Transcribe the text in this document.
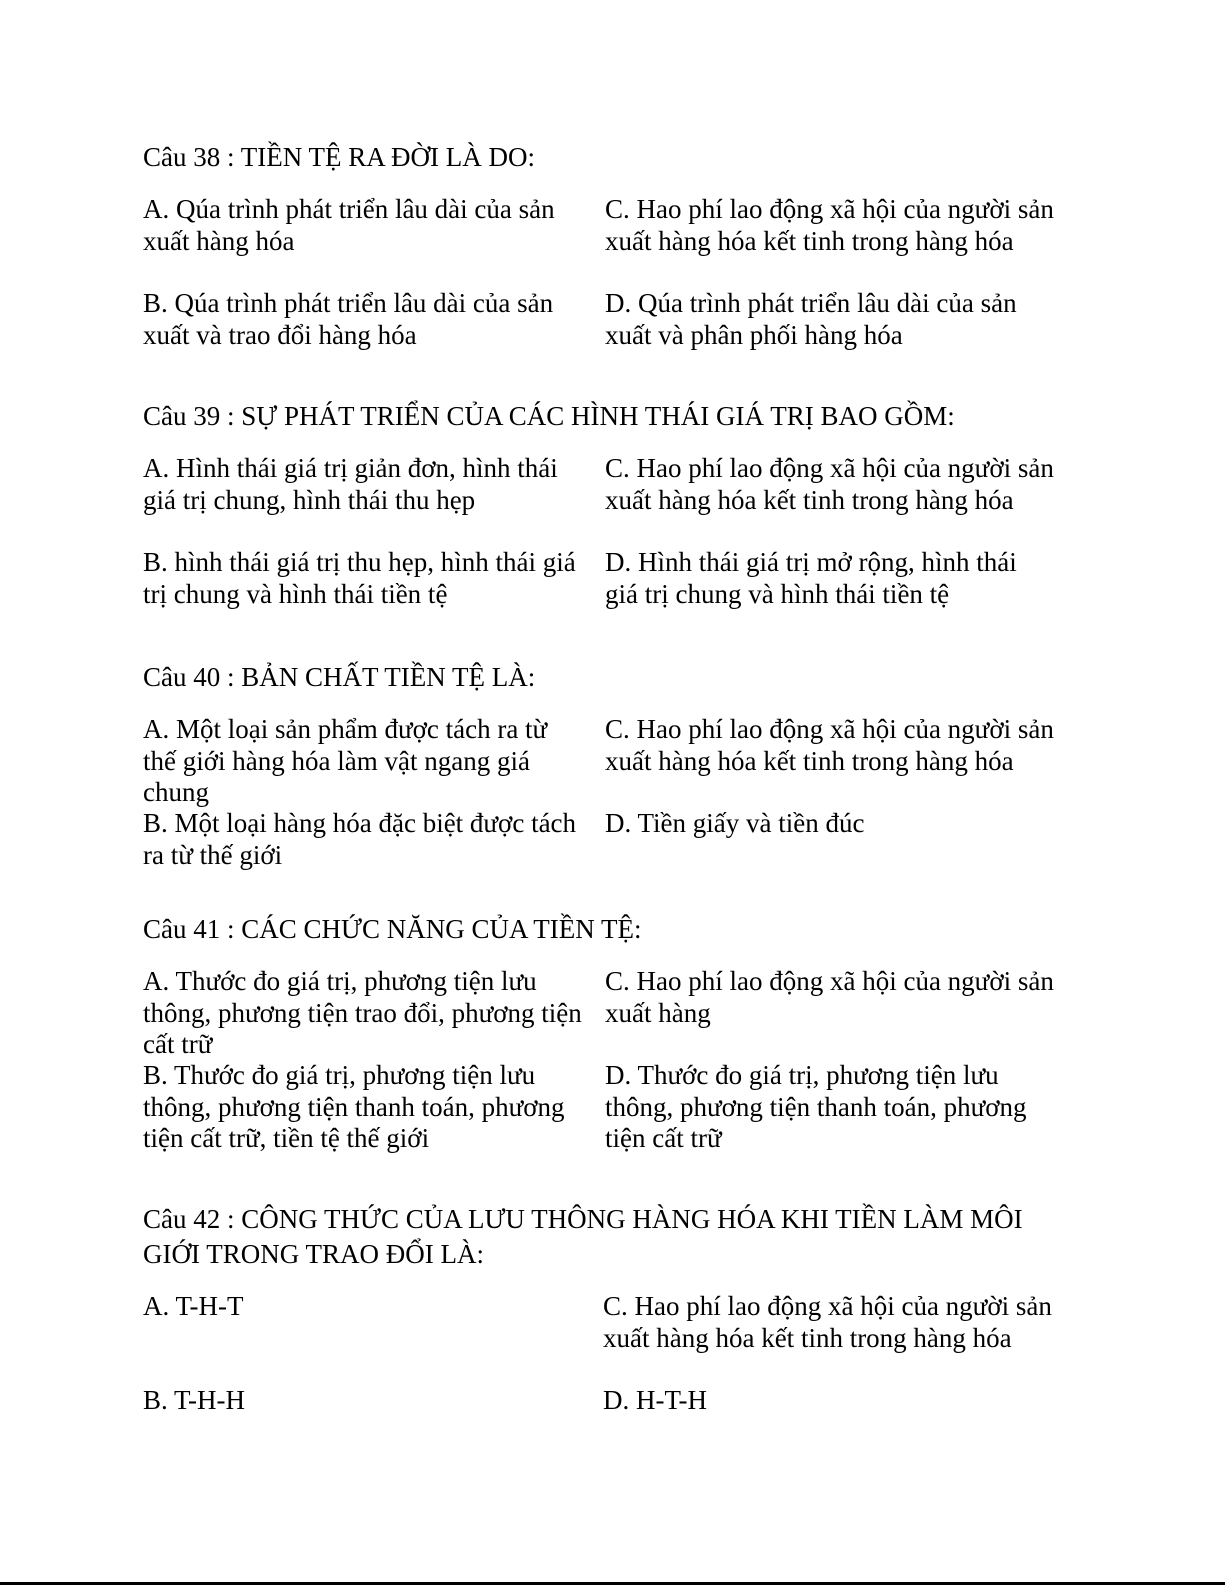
Câu 38 : TIỀN TỆ RA ĐỜI LÀ DO:

A. Qúa trình phát triển lâu dài của sản xuất hàng hóa
C. Hao phí lao động xã hội của người sản xuất hàng hóa kết tinh trong hàng hóa
B. Qúa trình phát triển lâu dài của sản xuất và trao đổi hàng hóa
D. Qúa trình phát triển lâu dài của sản xuất và phân phối hàng hóa

Câu 39 : SỰ PHÁT TRIỂN CỦA CÁC HÌNH THÁI GIÁ TRỊ BAO GỒM:

A. Hình thái giá trị giản đơn, hình thái giá trị chung, hình thái thu hẹp
C. Hao phí lao động xã hội của người sản xuất hàng hóa kết tinh trong hàng hóa
B. hình thái giá trị thu hẹp, hình thái giá trị chung và hình thái tiền tệ
D. Hình thái giá trị mở rộng, hình thái giá trị chung và hình thái tiền tệ

Câu 40 : BẢN CHẤT TIỀN TỆ LÀ:

A. Một loại sản phẩm được tách ra từ thế giới hàng hóa làm vật ngang giá chung
C. Hao phí lao động xã hội của người sản xuất hàng hóa kết tinh trong hàng hóa
B. Một loại hàng hóa đặc biệt được tách ra từ thế giới
D. Tiền giấy và tiền đúc

Câu 41 : CÁC CHỨC NĂNG CỦA TIỀN TỆ:

A. Thước đo giá trị, phương tiện lưu thông, phương tiện trao đổi, phương tiện cất trữ
C. Hao phí lao động xã hội của người sản xuất hàng
B. Thước đo giá trị, phương tiện lưu thông, phương tiện thanh toán, phương tiện cất trữ, tiền tệ thế giới
D. Thước đo giá trị, phương tiện lưu thông, phương tiện thanh toán, phương tiện cất trữ

Câu 42 : CÔNG THỨC CỦA LƯU THÔNG HÀNG HÓA KHI TIỀN LÀM MÔI GIỚI TRONG TRAO ĐỔI LÀ:

A. T-H-T	C. Hao phí lao động xã hội của người sản xuất hàng hóa kết tinh trong hàng hóa
B. T-H-H	D. H-T-H
